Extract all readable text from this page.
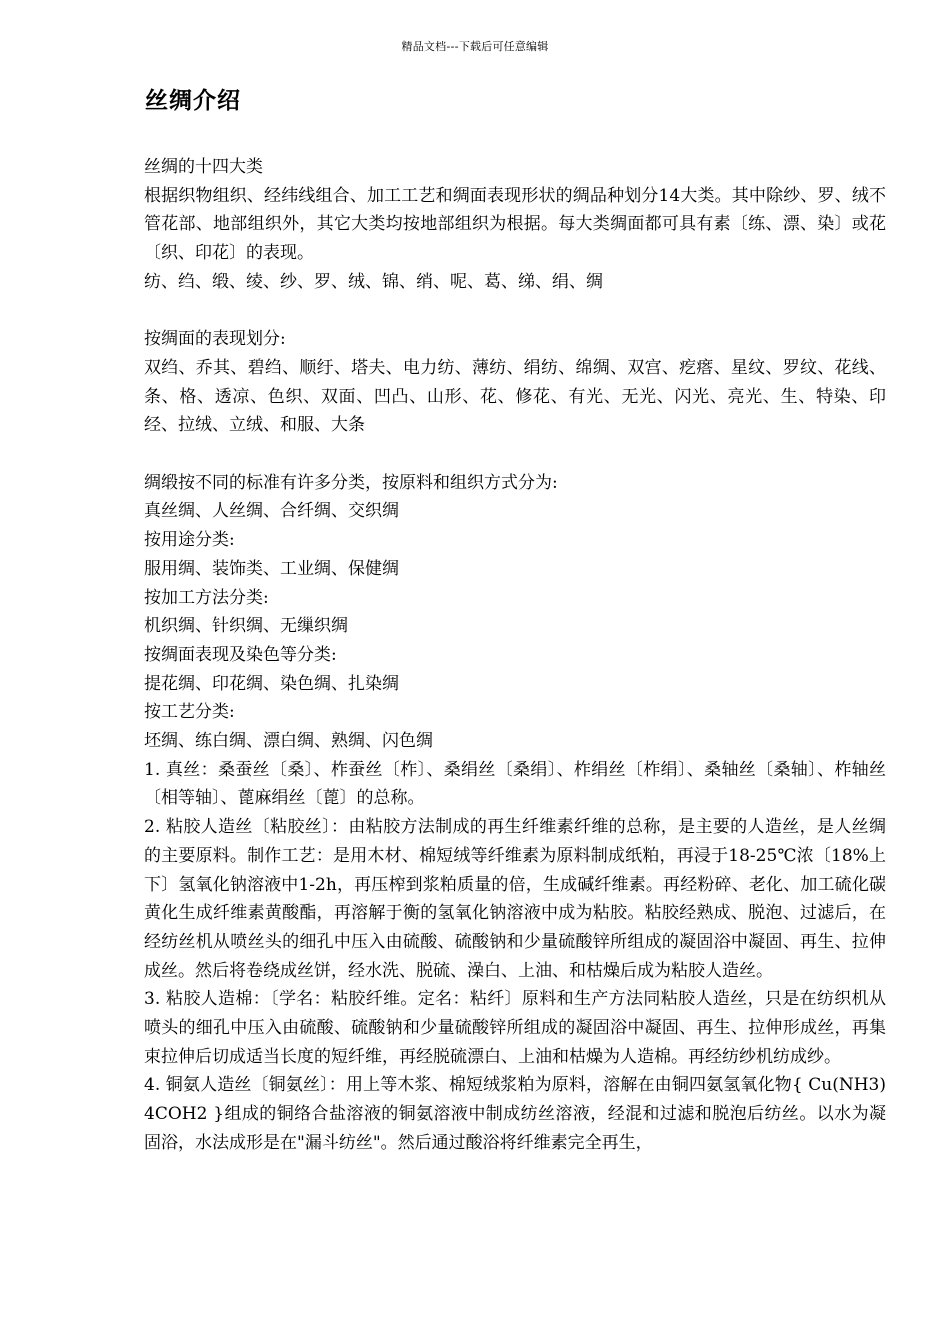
精品文档---下载后可任意编辑
丝绸介绍

丝绸的十四大类

根据织物组织、经纬线组合、加工工艺和绸面表现形状的绸品种划分14大类。其中除纱、罗、绒不管花部、地部组织外，其它大类均按地部组织为根据。每大类绸面都可具有素〔练、漂、染〕或花〔织、印花〕的表现。

纺、绉、缎、绫、纱、罗、绒、锦、绡、呢、葛、绨、绢、绸

按绸面的表现划分:

双绉、乔其、碧绉、顺纡、塔夫、电力纺、薄纺、绢纺、绵绸、双宫、疙瘩、星纹、罗纹、花线、条、格、透凉、色织、双面、凹凸、山形、花、修花、有光、无光、闪光、亮光、生、特染、印经、拉绒、立绒、和服、大条

绸缎按不同的标准有许多分类，按原料和组织方式分为:

真丝绸、人丝绸、合纤绸、交织绸

按用途分类:

服用绸、装饰类、工业绸、保健绸

按加工方法分类:

机织绸、针织绸、无缫织绸

按绸面表现及染色等分类:

提花绸、印花绸、染色绸、扎染绸

按工艺分类:

坯绸、练白绸、漂白绸、熟绸、闪色绸

1. 真丝：桑蚕丝〔桑〕、柞蚕丝〔柞〕、桑绢丝〔桑绢〕、柞绢丝〔柞绢〕、桑轴丝〔桑轴〕、柞轴丝〔相等轴〕、蓖麻绢丝〔蓖〕的总称。

2. 粘胶人造丝〔粘胶丝〕：由粘胶方法制成的再生纤维素纤维的总称，是主要的人造丝，是人丝绸的主要原料。制作工艺：是用木材、棉短绒等纤维素为原料制成纸粕，再浸于18-25℃浓〔18%上下〕氢氧化钠溶液中1-2h，再压榨到浆粕质量的倍，生成碱纤维素。再经粉碎、老化、加工硫化碳黄化生成纤维素黄酸酯，再溶解于衡的氢氧化钠溶液中成为粘胶。粘胶经熟成、脱泡、过滤后，在经纺丝机从喷丝头的细孔中压入由硫酸、硫酸钠和少量硫酸锌所组成的凝固浴中凝固、再生、拉伸成丝。然后将卷绕成丝饼，经水洗、脱硫、澡白、上油、和枯燥后成为粘胶人造丝。

3. 粘胶人造棉：〔学名：粘胶纤维。定名：粘纤〕原料和生产方法同粘胶人造丝，只是在纺织机从喷头的细孔中压入由硫酸、硫酸钠和少量硫酸锌所组成的凝固浴中凝固、再生、拉伸形成丝，再集束拉伸后切成适当长度的短纤维，再经脱硫漂白、上油和枯燥为人造棉。再经纺纱机纺成纱。

4. 铜氨人造丝〔铜氨丝〕：用上等木浆、棉短绒浆粕为原料，溶解在由铜四氨氢氧化物{ Cu(NH3)4COH2 }组成的铜络合盐溶液的铜氨溶液中制成纺丝溶液，经混和过滤和脱泡后纺丝。以水为凝固浴，水法成形是在"漏斗纺丝"。然后通过酸浴将纤维素完全再生，
